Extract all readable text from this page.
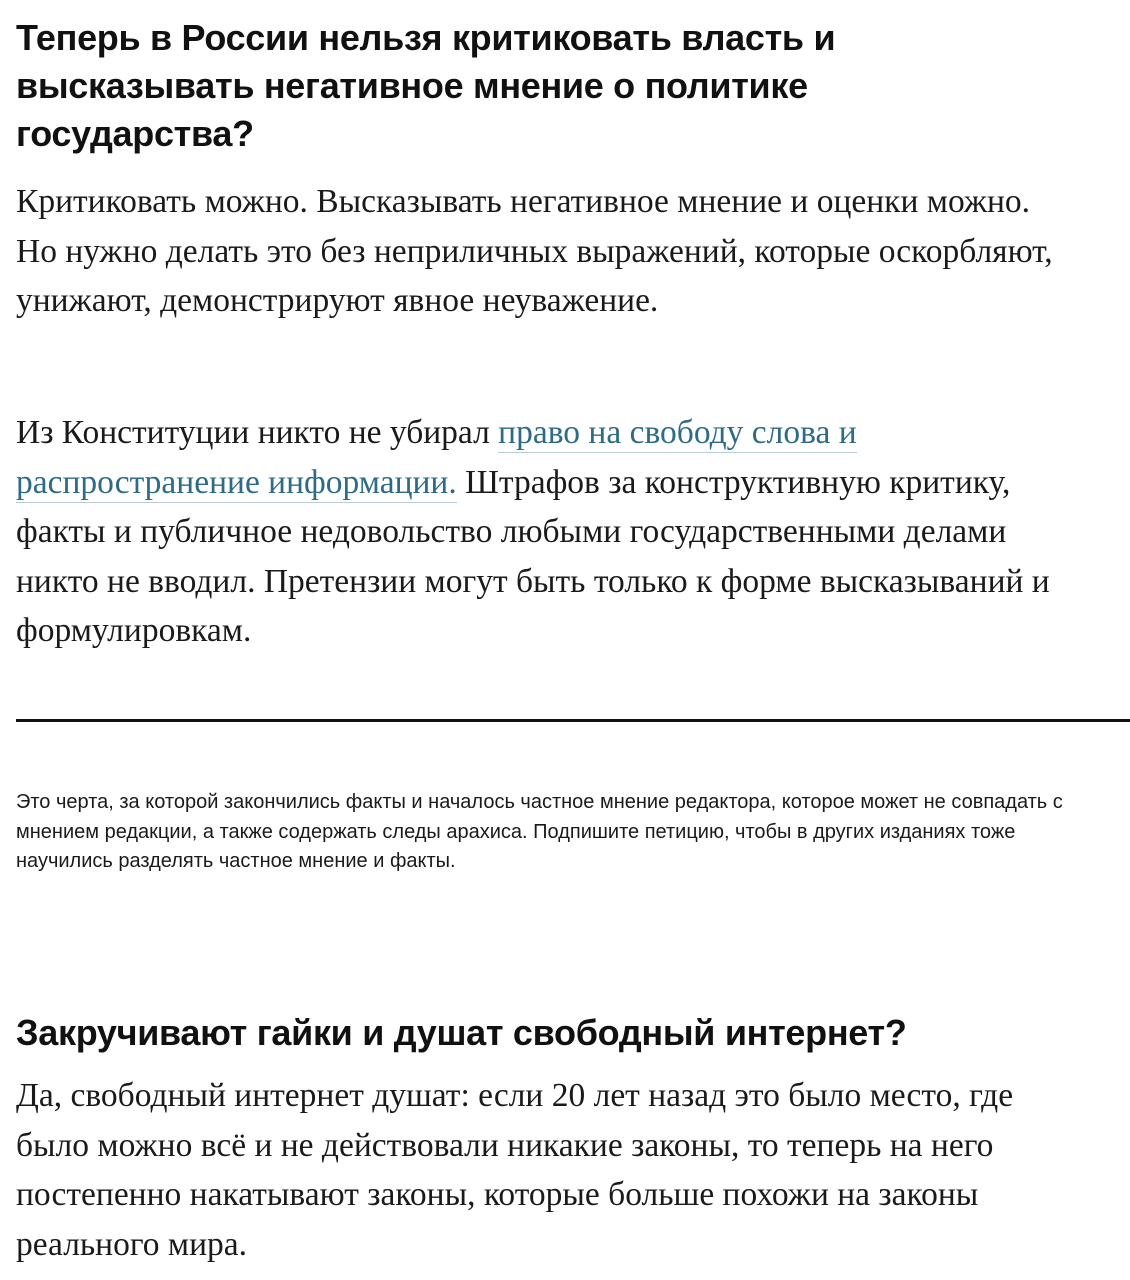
Теперь в России нельзя критиковать власть и высказывать негативное мнение о политике государства?

Критиковать можно. Высказывать негативное мнение и оценки можно. Но нужно делать это без неприличных выражений, которые оскорбляют, унижают, демонстрируют явное неуважение.

Из Конституции никто не убирал право на свободу слова и распространение информации. Штрафов за конструктивную критику, факты и публичное недовольство любыми государственными делами никто не вводил. Претензии могут быть только к форме высказываний и формулировкам.

Это черта, за которой закончились факты и началось частное мнение редактора, которое может не совпадать с мнением редакции, а также содержать следы арахиса. Подпишите петицию, чтобы в других изданиях тоже научились разделять частное мнение и факты.

Закручивают гайки и душат свободный интернет?

Да, свободный интернет душат: если 20 лет назад это было место, где было можно всё и не действовали никакие законы, то теперь на него постепенно накатывают законы, которые больше похожи на законы реального мира.
